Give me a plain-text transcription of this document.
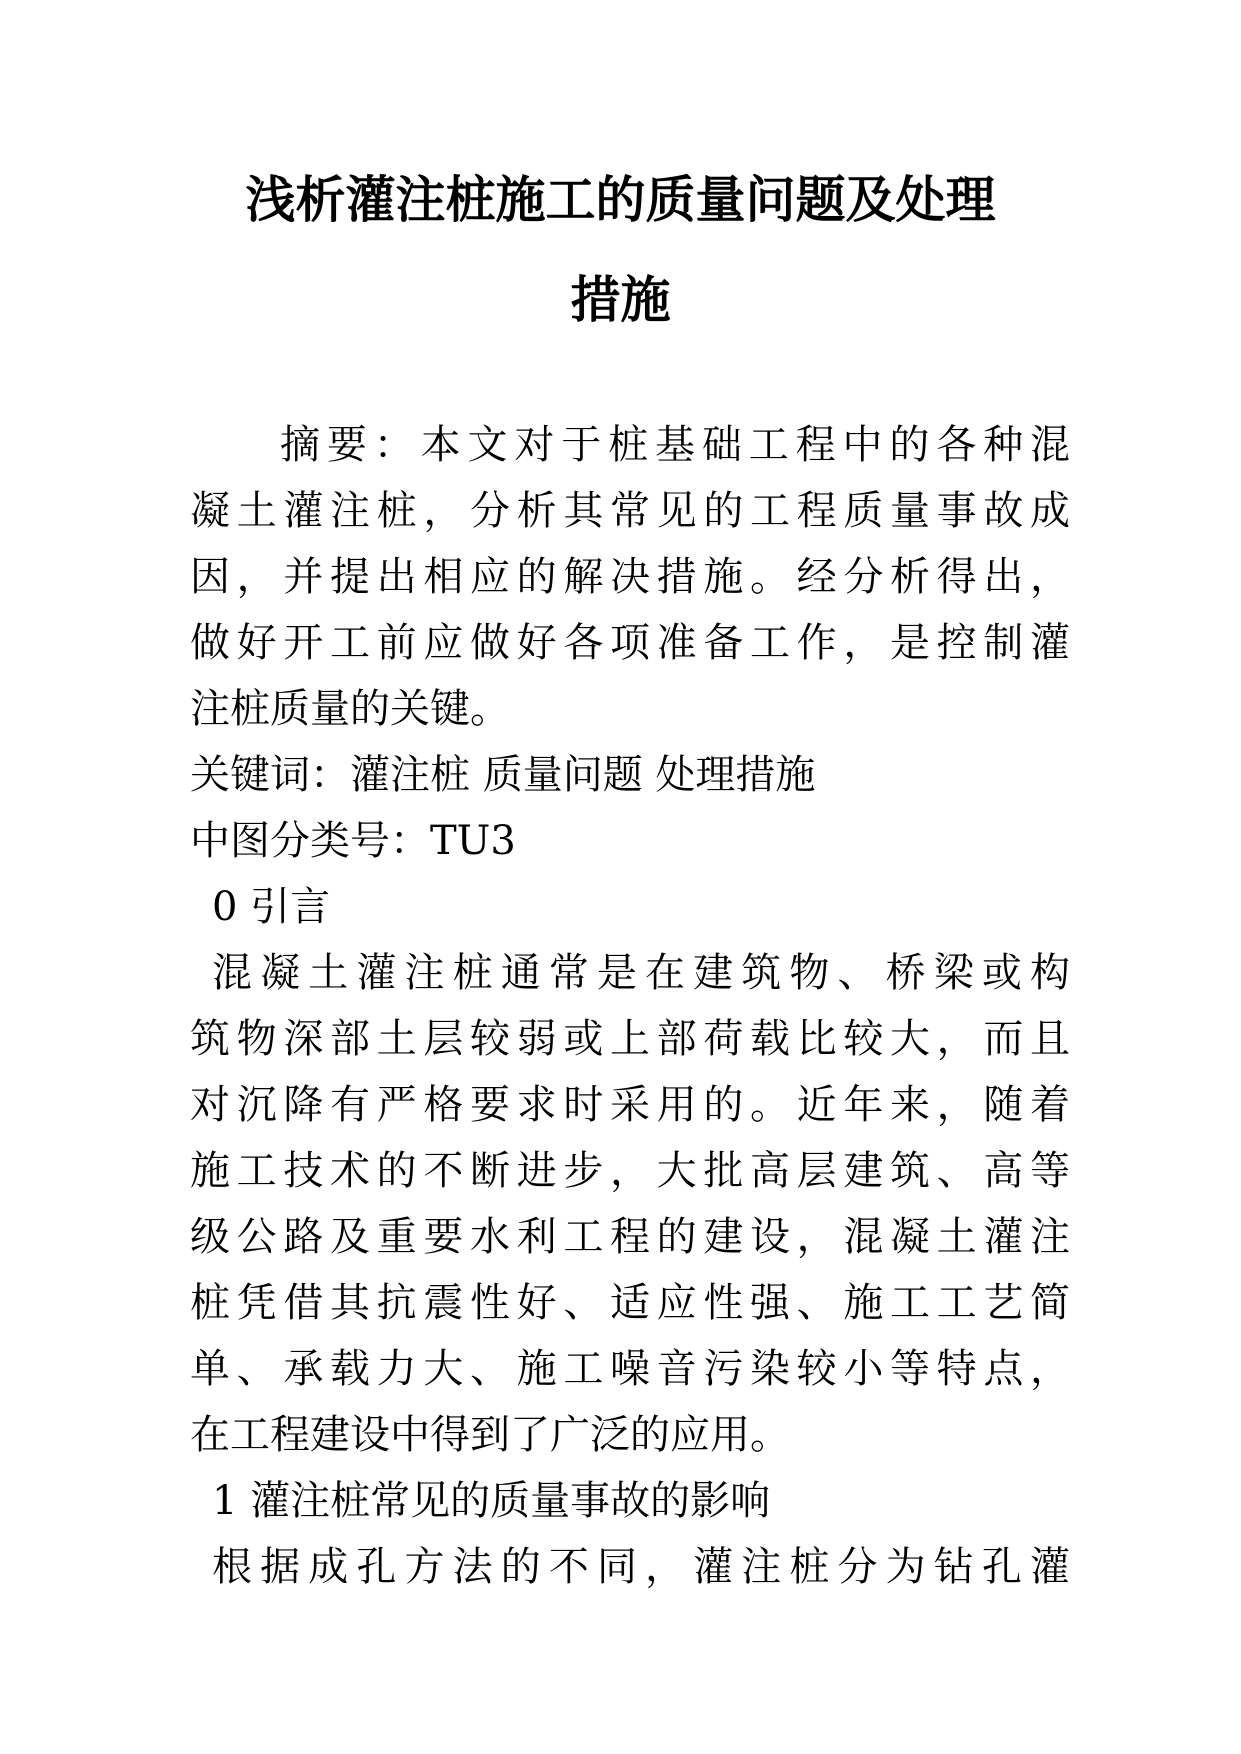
浅析灌注桩施工的质量问题及处理
措施
摘要：本文对于桩基础工程中的各种混
凝土灌注桩，分析其常见的工程质量事故成
因，并提出相应的解决措施。经分析得出，
做好开工前应做好各项准备工作，是控制灌
注桩质量的关键。
关键词：灌注桩 质量问题 处理措施
中图分类号：TU3
0 引言
混凝土灌注桩通常是在建筑物、桥梁或构
筑物深部土层较弱或上部荷载比较大，而且
对沉降有严格要求时采用的。近年来，随着
施工技术的不断进步，大批高层建筑、高等
级公路及重要水利工程的建设，混凝土灌注
桩凭借其抗震性好、适应性强、施工工艺简
单、承载力大、施工噪音污染较小等特点，
在工程建设中得到了广泛的应用。
1 灌注桩常见的质量事故的影响
根据成孔方法的不同，灌注桩分为钻孔灌
